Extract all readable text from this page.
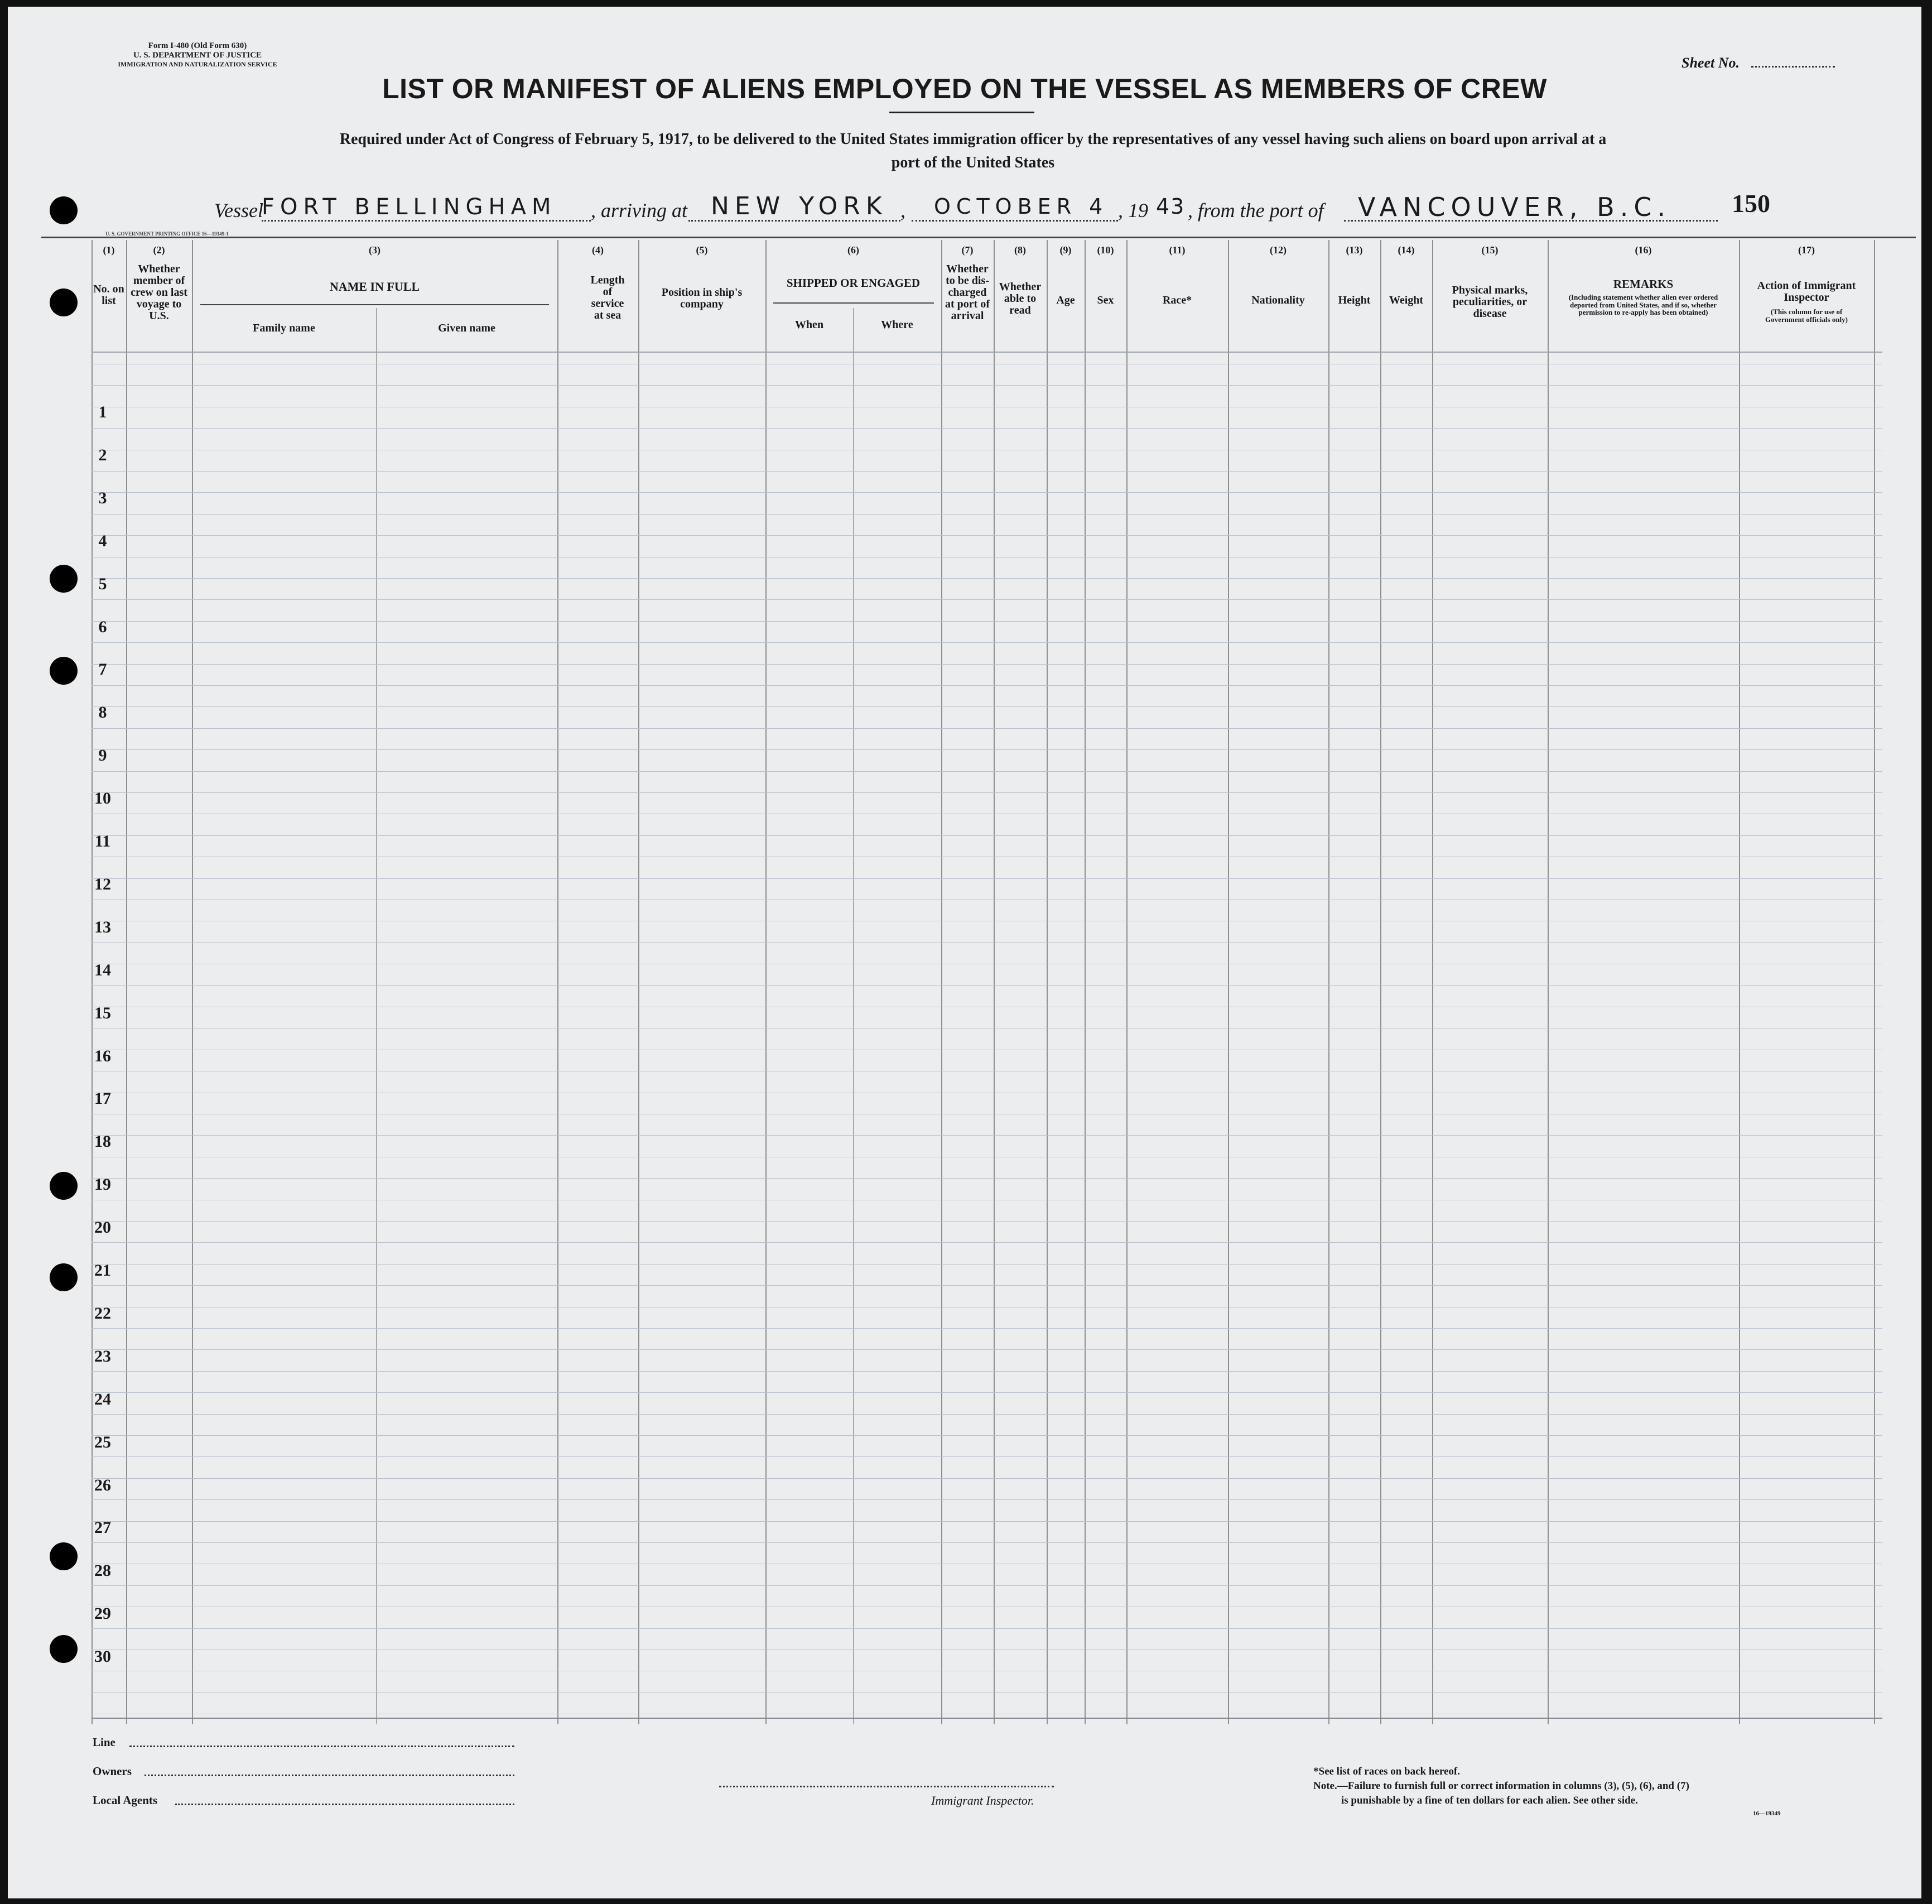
Form I-480 (Old Form 630)
U. S. DEPARTMENT OF JUSTICE
IMMIGRATION AND NATURALIZATION SERVICE	Sheet No.
LIST OR MANIFEST OF ALIENS EMPLOYED ON THE VESSEL AS MEMBERS OF CREW
Required under Act of Congress of February 5, 1917, to be delivered to the United States immigration officer by the representatives of any vessel having such aliens on board upon arrival at a
port of the United States
Vessel
FORT BELLINGHAM , arriving at NEW YORK , OCTOBER 4 , 19 43 , from the port of VANCOUVER, B.C. 150
U. S. GOVERNMENT PRINTING OFFICE 16—19349-1
(1)	(2)	(3)	(4)	(5)	(6)	(7)	(8)	(9)	(10)	(11)	(12)	(13)	(14)	(15)	(16)	(17)
No. on list
Whether member of crew on last voyage to U.S.
NAME IN FULL
Family name	Given name
Length of service at sea
Position in ship's company
SHIPPED OR ENGAGED
When	Where
Whether to be dis-charged at port of arrival
Whether able to read
Age	Sex	Race*	Nationality	Height	Weight
Physical marks, peculiarities, or disease
REMARKS
(Including statement whether alien ever ordered deported from United States, and if so, whether permission to re-apply has been obtained)
Action of Immigrant Inspector
(This column for use of Government officials only)
1
2
3
4
5
6
7
8
9
10
11
12
13
14
15
16
17
18
19
20
21
22
23
24
25
26
27
28
29
30
Line
Owners
Local Agents	Immigrant Inspector.
*See list of races on back hereof.
Note.—Failure to furnish full or correct information in columns (3), (5), (6), and (7)
is punishable by a fine of ten dollars for each alien. See other side.
16—19349
